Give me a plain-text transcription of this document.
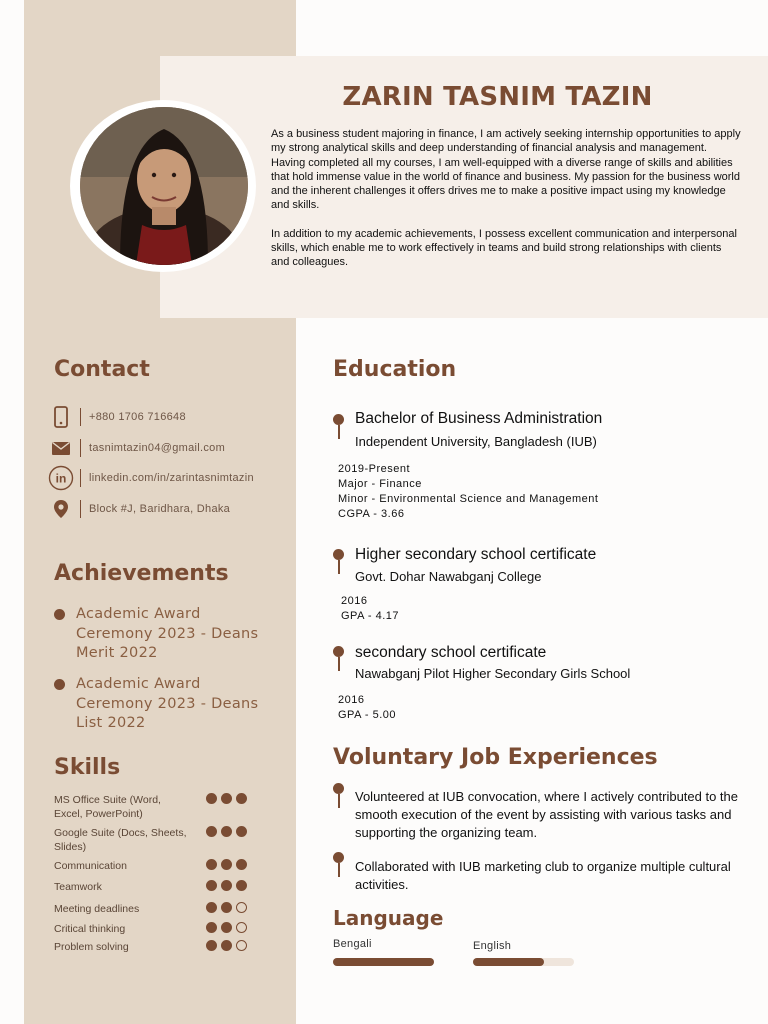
ZARIN TASNIM TAZIN

As a business student majoring in finance, I am actively seeking internship opportunities to apply my strong analytical skills and deep understanding of financial analysis and management. Having completed all my courses, I am well-equipped with a diverse range of skills and abilities that hold immense value in the world of finance and business. My passion for the business world and the inherent challenges it offers drives me to make a positive impact using my knowledge and skills.

In addition to my academic achievements, I possess excellent communication and interpersonal skills, which enable me to work effectively in teams and build strong relationships with clients and colleagues.

Contact
+880 1706 716648
tasnimtazin04@gmail.com
in linkedin.com/in/zarintasnimtazin
Block #J, Baridhara, Dhaka
Achievements
Academic Award Ceremony 2023 - Deans Merit 2022
Academic Award Ceremony 2023 - Deans List 2022
Skills
MS Office Suite (Word, Excel, PowerPoint)
Google Suite (Docs, Sheets, Slides)
Communication
Teamwork
Meeting deadlines
Critical thinking
Problem solving
Education
Bachelor of Business Administration
Independent University, Bangladesh (IUB)
2019-Present
Major - Finance
Minor - Environmental Science and Management
CGPA - 3.66
Higher secondary school certificate
Govt. Dohar Nawabganj College
2016
GPA - 4.17
secondary school certificate
Nawabganj Pilot Higher Secondary Girls School
2016
GPA - 5.00
Voluntary Job Experiences
Volunteered at IUB convocation, where I actively contributed to the smooth execution of the event by assisting with various tasks and supporting the organizing team.
Collaborated with IUB marketing club to organize multiple cultural activities.
Language
Bengali	English
